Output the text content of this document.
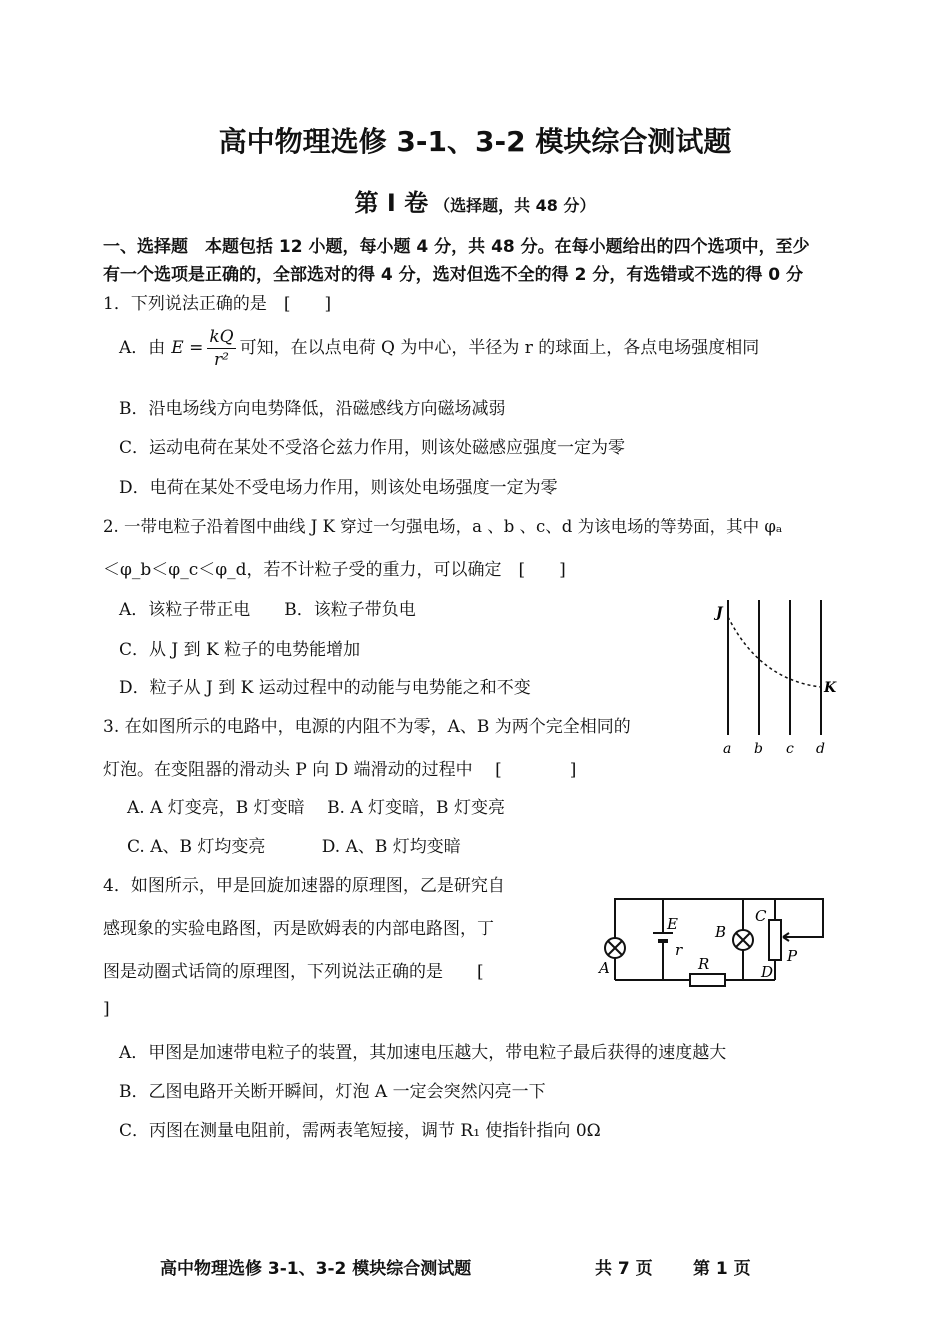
高中物理选修 3-1、3-2 模块综合测试题
第 Ⅰ 卷 （选择题，共 48 分）
一、选择题　本题包括 12 小题，每小题 4 分，共 48 分。在每小题给出的四个选项中，至少
有一个选项是正确的，全部选对的得 4 分，选对但选不全的得 2 分，有选错或不选的得 0 分
1．下列说法正确的是　[　　]
A．由 $E = \frac{kQ}{\text{r²}}$ 可知，在以点电荷 Q 为中心，半径为 r 的球面上，各点电场强度相同
B．沿电场线方向电势降低，沿磁感线方向磁场减弱
C．运动电荷在某处不受洛仑兹力作用，则该处磁感应强度一定为零
D．电荷在某处不受电场力作用，则该处电场强度一定为零
2. 一带电粒子沿着图中曲线 J K 穿过一匀强电场，a 、b 、c、d 为该电场的等势面，其中 φₐ
＜φ_b＜φ_c＜φ_d，若不计粒子受的重力，可以确定　[　　]
A．该粒子带正电　　B．该粒子带负电
C．从 J 到 K 粒子的电势能增加
D．粒子从 J 到 K 运动过程中的动能与电势能之和不变
J
K
a b c d
3. 在如图所示的电路中，电源的内阻不为零，A、B 为两个完全相同的
灯泡。在变阻器的滑动头 P 向 D 端滑动的过程中　 [　　　　]
A. A 灯变亮，B 灯变暗　 B. A 灯变暗，B 灯变亮
C. A、B 灯均变亮　　　 D. A、B 灯均变暗
E
r
A
B
C
D
P
R
4．如图所示，甲是回旋加速器的原理图，乙是研究自
感现象的实验电路图，丙是欧姆表的内部电路图，丁
图是动圈式话筒的原理图，下列说法正确的是　　[
]
A．甲图是加速带电粒子的装置，其加速电压越大，带电粒子最后获得的速度越大
B．乙图电路开关断开瞬间，灯泡 A 一定会突然闪亮一下
C．丙图在测量电阻前，需两表笔短接，调节 R₁ 使指针指向 0Ω
高中物理选修 3-1、3-2 模块综合测试题	共 7 页 第 1 页
